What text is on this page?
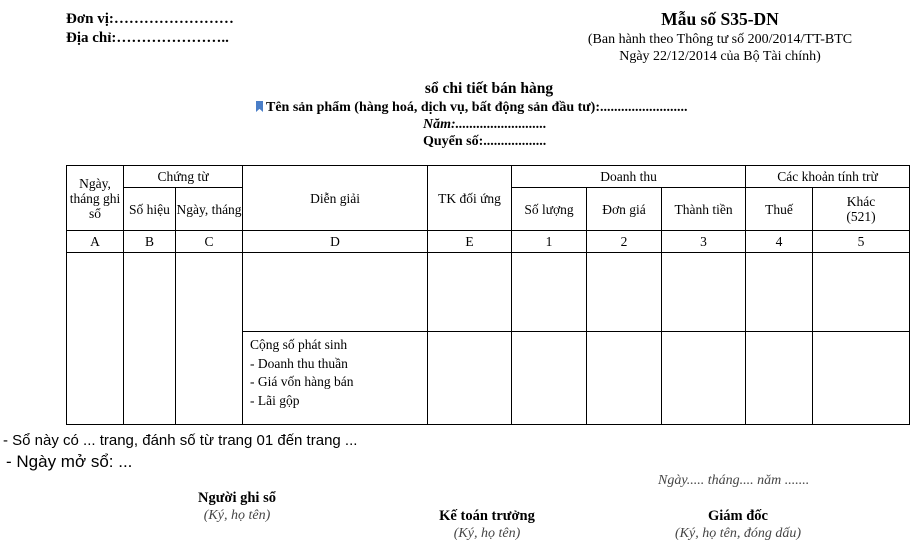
Đơn vị:……………………
Địa chỉ:…………………..
Mẫu số S35-DN
(Ban hành theo Thông tư số 200/2014/TT-BTC
Ngày 22/12/2014 của Bộ Tài chính)
sổ chi tiết bán hàng
Tên sản phẩm (hàng hoá, dịch vụ, bất động sản đầu tư):.........................
Năm:..........................
Quyển số:..................
Ngày, tháng ghi sổ	Chứng từ		Diễn giải	TK đối ứng	Doanh thu			Các khoản tính trừ	
	Số hiệu	Ngày, tháng			Số lượng	Đơn giá	Thành tiền	Thuế	Khác
(521)

A	B	C	D	E	1	2	3	4	5

			Cộng số phát sinh
- Doanh thu thuần
- Giá vốn hàng bán
- Lãi gộp						

- Sổ này có ... trang, đánh số từ trang 01 đến trang ...
- Ngày mở sổ: ...
Ngày..... tháng.... năm .......
Người ghi sổ
(Ký, họ tên)	Kế toán trưởng
(Ký, họ tên)
Giám đốc
(Ký, họ tên, đóng dấu)
